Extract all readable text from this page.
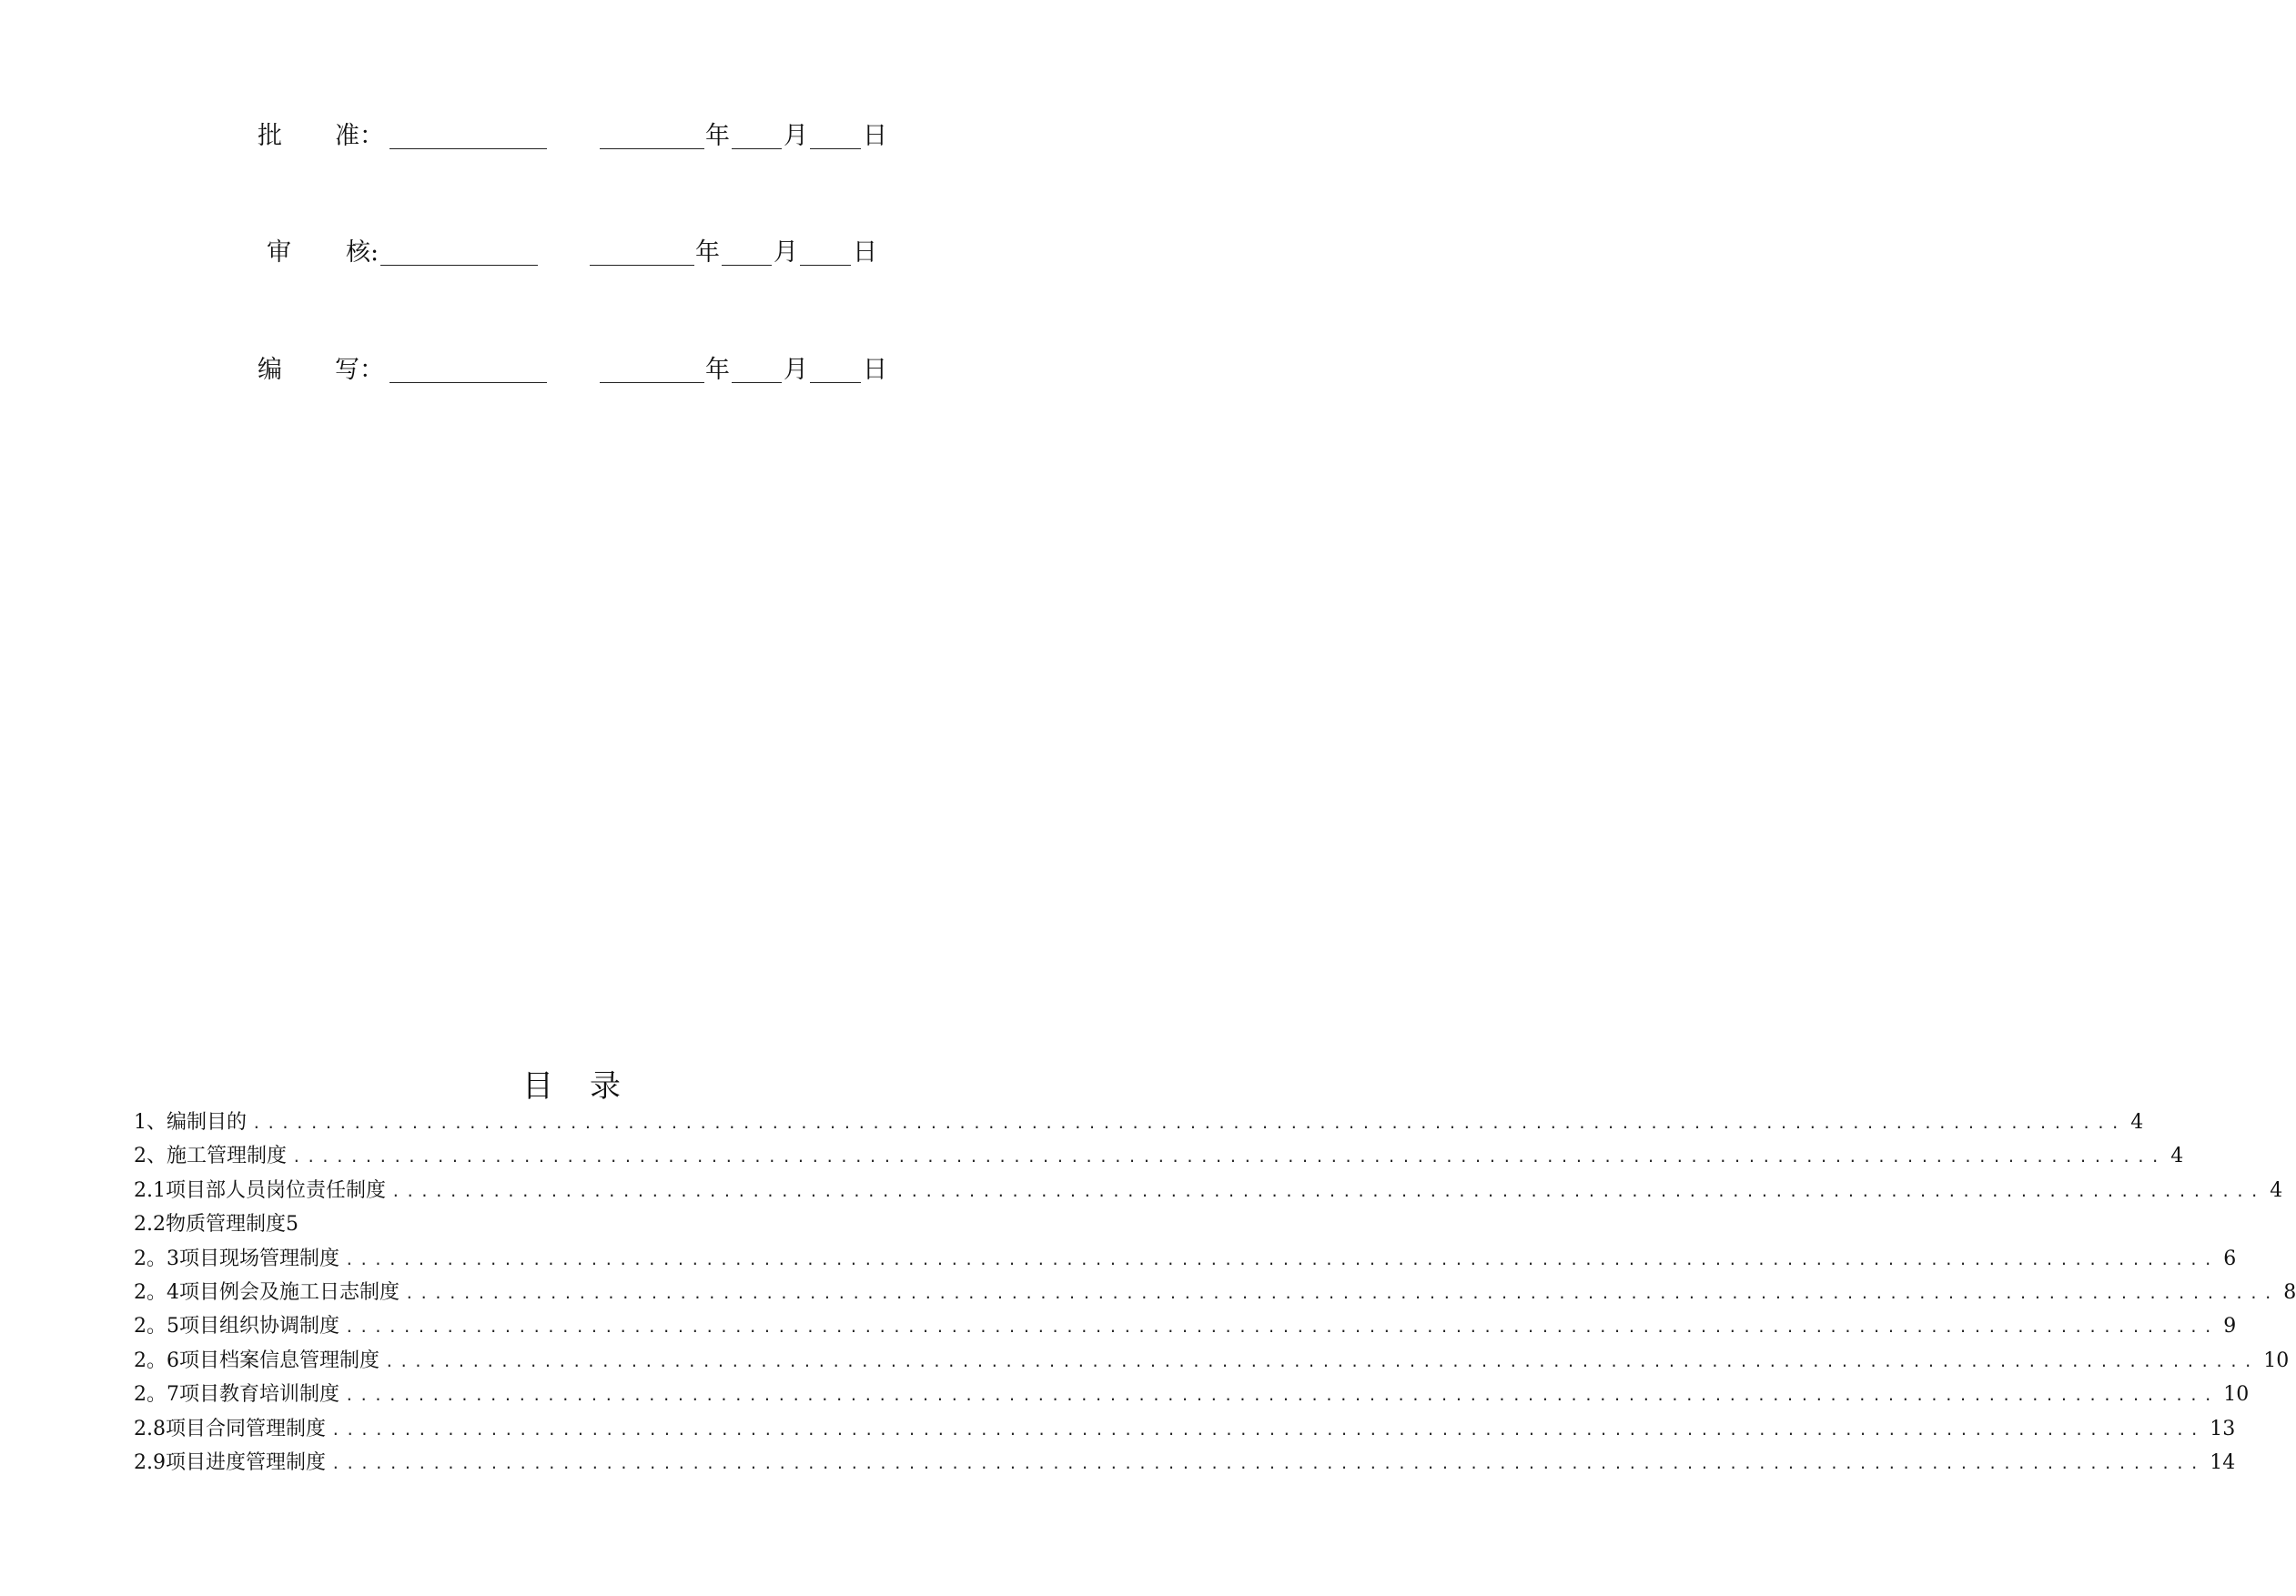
批 准：	年 月 日
审 核:	年 月 日
编 写：	年 月 日
目 录
1、编制目的 .................................................................................................................................. 4
2、施工管理制度 .................................................................................................................................. 4
2.1项目部人员岗位责任制度 .................................................................................................................................. 4
2.2物质管理制度5
2。3项目现场管理制度 .................................................................................................................................. 6
2。4项目例会及施工日志制度 .................................................................................................................................. 8
2。5项目组织协调制度 .................................................................................................................................. 9
2。6项目档案信息管理制度 .................................................................................................................................. 10
2。7项目教育培训制度 .................................................................................................................................. 10
2.8项目合同管理制度 .................................................................................................................................. 13
2.9项目进度管理制度 .................................................................................................................................. 14
